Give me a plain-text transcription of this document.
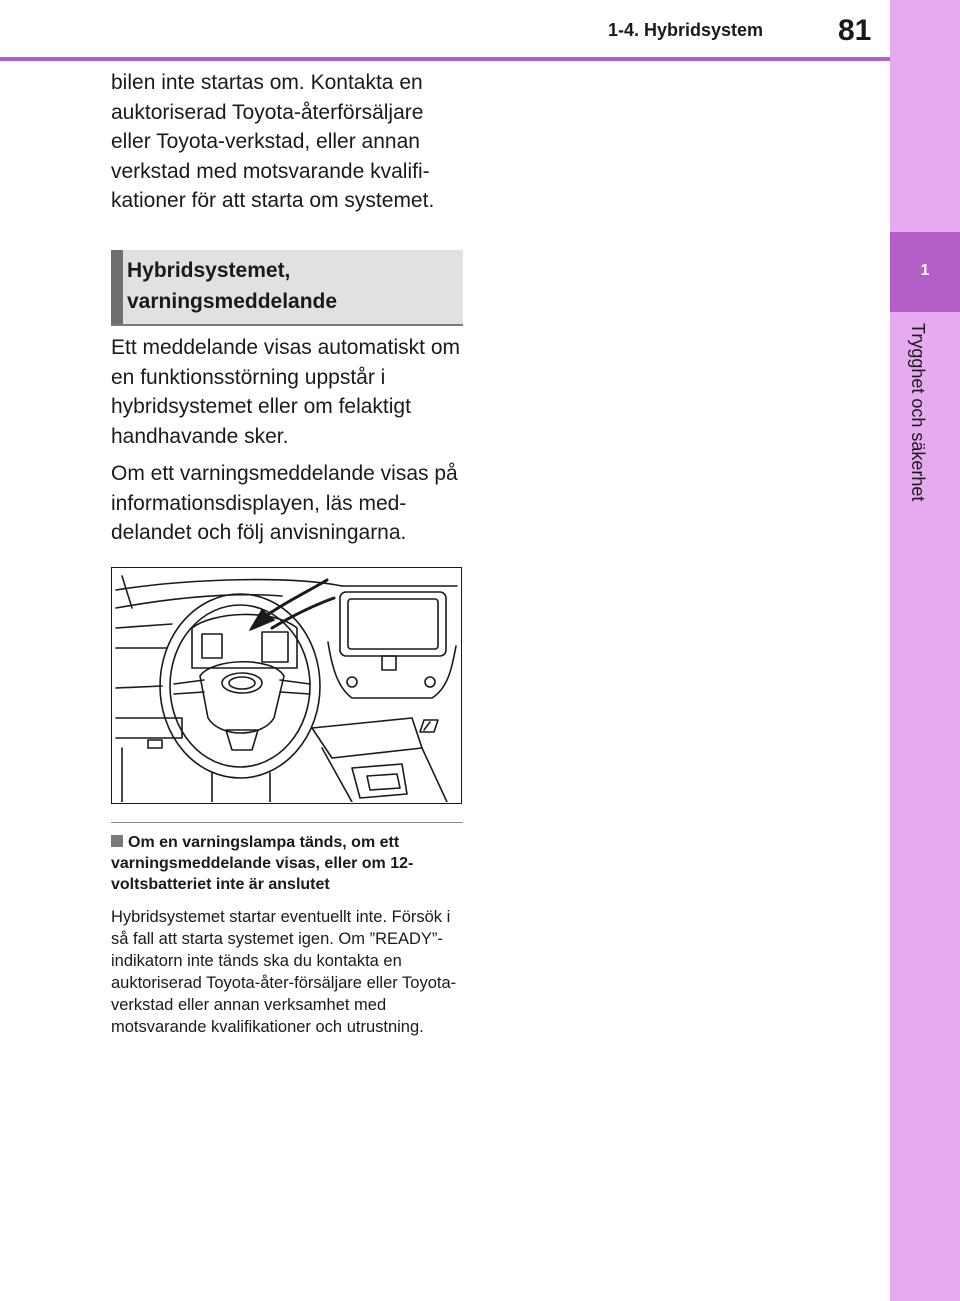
1-4. Hybridsystem 81
1
Trygghet och säkerhet

bilen inte startas om. Kontakta en auktoriserad Toyota-återförsäljare eller Toyota-verkstad, eller annan verkstad med motsvarande kvalifi-kationer för att starta om systemet.

Hybridsystemet, varningsmeddelande

Ett meddelande visas automatiskt om en funktionsstörning uppstår i hybridsystemet eller om felaktigt handhavande sker.

Om ett varningsmeddelande visas på informationsdisplayen, läs med-delandet och följ anvisningarna.

Om en varningslampa tänds, om ett varningsmeddelande visas, eller om 12-voltsbatteriet inte är anslutet

Hybridsystemet startar eventuellt inte. Försök i så fall att starta systemet igen. Om ”READY”-indikatorn inte tänds ska du kontakta en auktoriserad Toyota-åter-försäljare eller Toyota-verkstad eller annan verksamhet med motsvarande kvalifikationer och utrustning.
